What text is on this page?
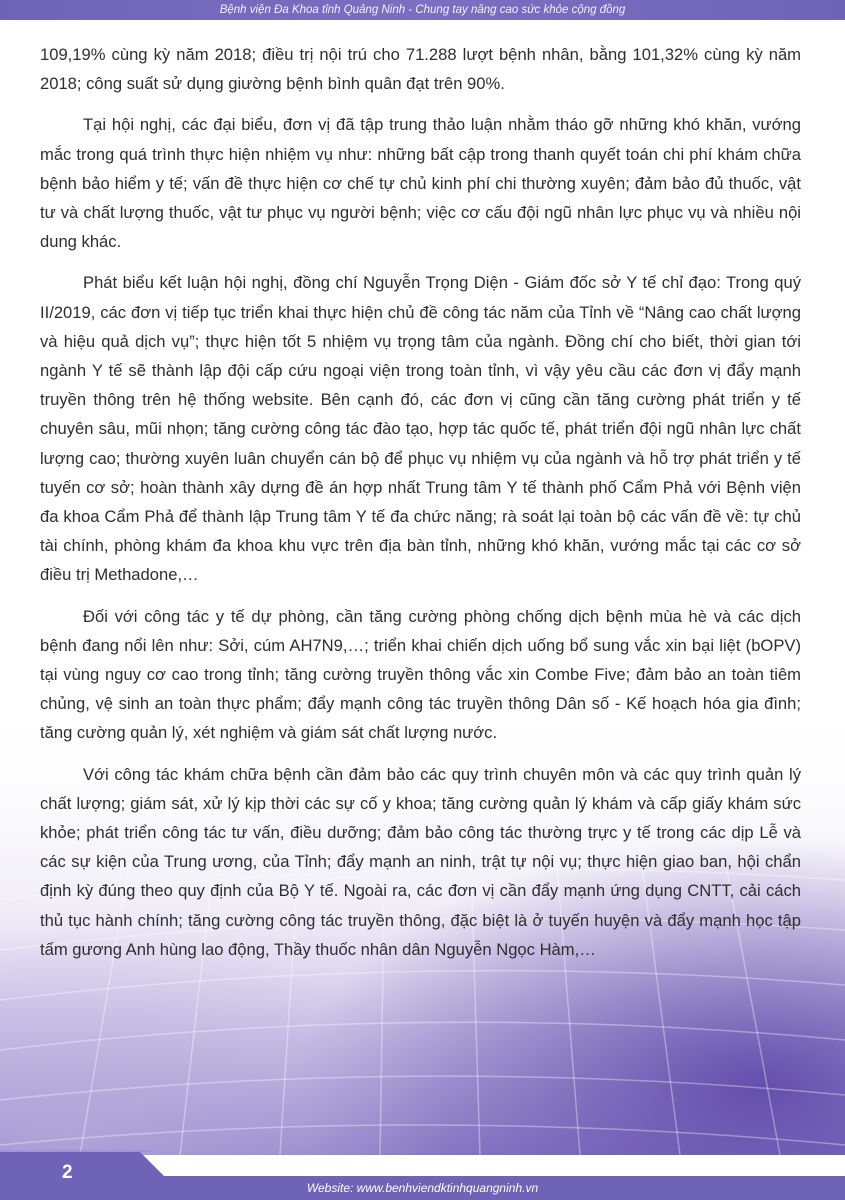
Bệnh viện Đa Khoa tỉnh Quảng Ninh - Chung tay nâng cao sức khỏe cộng đồng

109,19% cùng kỳ năm 2018; điều trị nội trú cho 71.288 lượt bệnh nhân, bằng 101,32% cùng kỳ năm 2018; công suất sử dụng giường bệnh bình quân đạt trên 90%.

Tại hội nghị, các đại biểu, đơn vị đã tập trung thảo luận nhằm tháo gỡ những khó khăn, vướng mắc trong quá trình thực hiện nhiệm vụ như: những bất cập trong thanh quyết toán chi phí khám chữa bệnh bảo hiểm y tế; vấn đề thực hiện cơ chế tự chủ kinh phí chi thường xuyên; đảm bảo đủ thuốc, vật tư và chất lượng thuốc, vật tư phục vụ người bệnh; việc cơ cấu đội ngũ nhân lực phục vụ và nhiều nội dung khác.

Phát biểu kết luận hội nghị, đồng chí Nguyễn Trọng Diện - Giám đốc sở Y tế chỉ đạo: Trong quý II/2019, các đơn vị tiếp tục triển khai thực hiện chủ đề công tác năm của Tỉnh về “Nâng cao chất lượng và hiệu quả dịch vụ”; thực hiện tốt 5 nhiệm vụ trọng tâm của ngành. Đồng chí cho biết, thời gian tới ngành Y tế sẽ thành lập đội cấp cứu ngoại viện trong toàn tỉnh, vì vậy yêu cầu các đơn vị đẩy mạnh truyền thông trên hệ thống website. Bên cạnh đó, các đơn vị cũng cần tăng cường phát triển y tế chuyên sâu, mũi nhọn; tăng cường công tác đào tạo, hợp tác quốc tế, phát triển đội ngũ nhân lực chất lượng cao; thường xuyên luân chuyển cán bộ để phục vụ nhiệm vụ của ngành và hỗ trợ phát triển y tế tuyến cơ sở; hoàn thành xây dựng đề án hợp nhất Trung tâm Y tế thành phố Cẩm Phả với Bệnh viện đa khoa Cẩm Phả để thành lập Trung tâm Y tế đa chức năng; rà soát lại toàn bộ các vấn đề về: tự chủ tài chính, phòng khám đa khoa khu vực trên địa bàn tỉnh, những khó khăn, vướng mắc tại các cơ sở điều trị Methadone,…

Đối với công tác y tế dự phòng, cần tăng cường phòng chống dịch bệnh mùa hè và các dịch bệnh đang nổi lên như: Sởi, cúm AH7N9,…; triển khai chiến dịch uống bổ sung vắc xin bại liệt (bOPV) tại vùng nguy cơ cao trong tỉnh; tăng cường truyền thông vắc xin Combe Five; đảm bảo an toàn tiêm chủng, vệ sinh an toàn thực phẩm; đẩy mạnh công tác truyền thông Dân số - Kế hoạch hóa gia đình; tăng cường quản lý, xét nghiệm và giám sát chất lượng nước.

Với công tác khám chữa bệnh cần đảm bảo các quy trình chuyên môn và các quy trình quản lý chất lượng; giám sát, xử lý kịp thời các sự cố y khoa; tăng cường quản lý khám và cấp giấy khám sức khỏe; phát triển công tác tư vấn, điều dưỡng; đảm bảo công tác thường trực y tế trong các dịp Lễ và các sự kiện của Trung ương, của Tỉnh; đẩy mạnh an ninh, trật tự nội vụ; thực hiện giao ban, hội chẩn định kỳ đúng theo quy định của Bộ Y tế. Ngoài ra, các đơn vị cần đẩy mạnh ứng dụng CNTT, cải cách thủ tục hành chính; tăng cường công tác truyền thông, đặc biệt là ở tuyến huyện và đẩy mạnh học tập tấm gương Anh hùng lao động, Thầy thuốc nhân dân Nguyễn Ngọc Hàm,…

Website: www.benhviendktinhquangninh.vn
2
